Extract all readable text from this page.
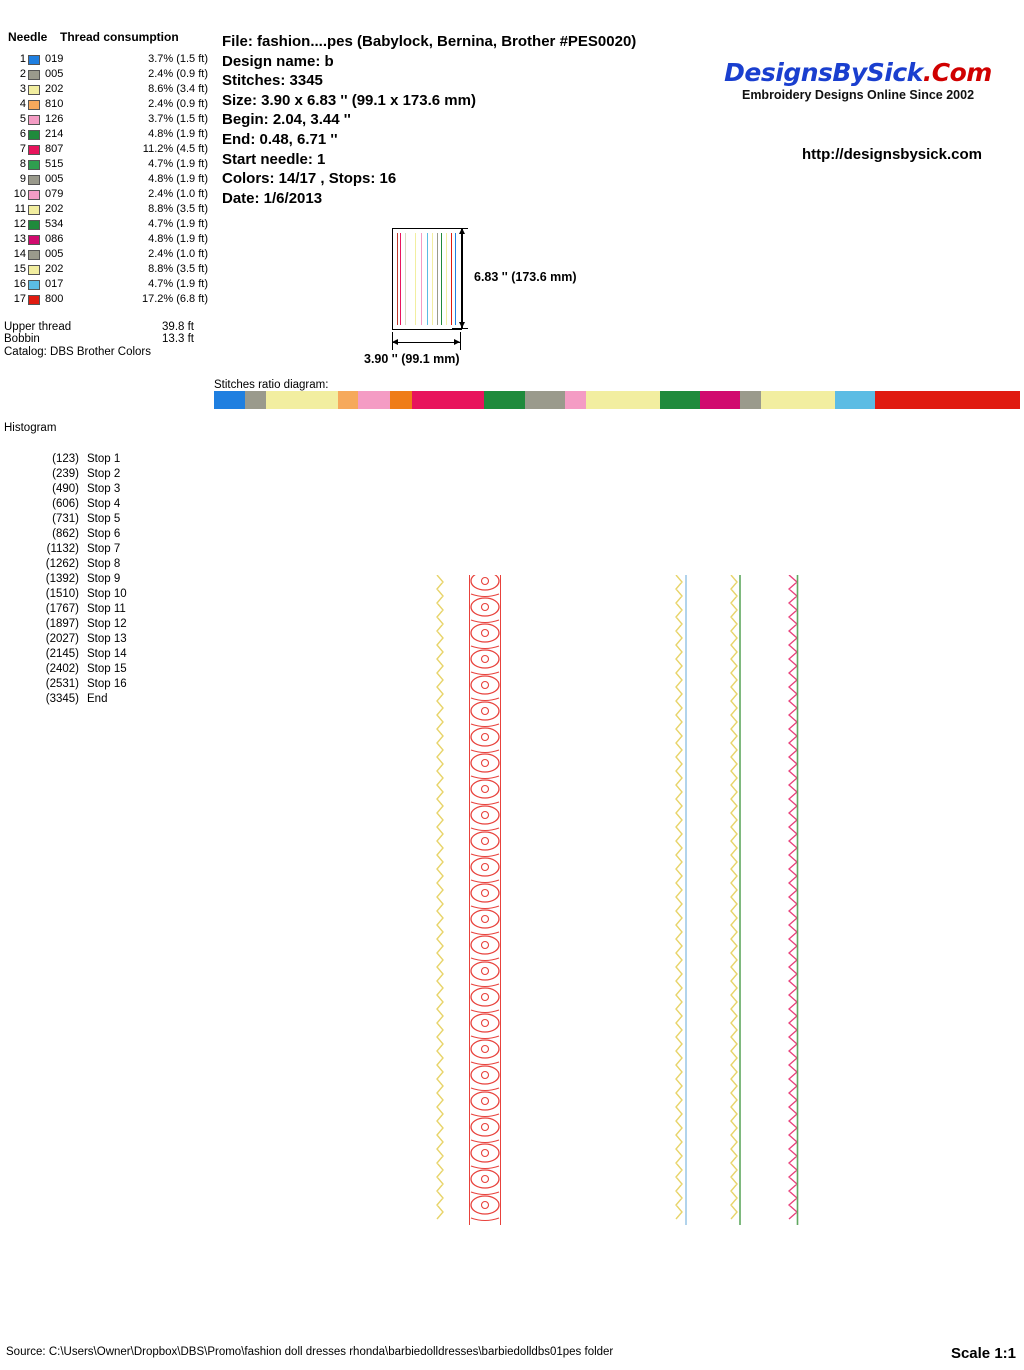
Needle	Thread consumption
1 019	3.7% (1.5 ft)
2 005	2.4% (0.9 ft)
3 202	8.6% (3.4 ft)
4 810	2.4% (0.9 ft)
5 126	3.7% (1.5 ft)
6 214	4.8% (1.9 ft)
7 807	11.2% (4.5 ft)
8 515	4.7% (1.9 ft)
9 005	4.8% (1.9 ft)
10 079	2.4% (1.0 ft)
11 202	8.8% (3.5 ft)
12 534	4.7% (1.9 ft)
13 086	4.8% (1.9 ft)
14 005	2.4% (1.0 ft)
15 202	8.8% (3.5 ft)
16 017	4.7% (1.9 ft)
17 800	17.2% (6.8 ft)
Upper thread	39.8 ft
Bobbin	13.3 ft
Catalog: DBS Brother Colors
Histogram
(123) Stop 1
(239) Stop 2
(490) Stop 3
(606) Stop 4
(731) Stop 5
(862) Stop 6
(1132) Stop 7
(1262) Stop 8
(1392) Stop 9
(1510) Stop 10
(1767) Stop 11
(1897) Stop 12
(2027) Stop 13
(2145) Stop 14
(2402) Stop 15
(2531) Stop 16
(3345) End
File: fashion....pes (Babylock, Bernina, Brother #PES0020)
Design name: b
Stitches: 3345
Size: 3.90 x 6.83 '' (99.1 x 173.6 mm)
Begin: 2.04, 3.44 ''
End: 0.48, 6.71 ''
Start needle: 1
Colors: 14/17 , Stops: 16
Date: 1/6/2013
DesignsBySick.Com
Embroidery Designs Online Since 2002
http://designsbysick.com
6.83 '' (173.6 mm)
3.90 '' (99.1 mm)
Stitches ratio diagram:
Source: C:\Users\Owner\Dropbox\DBS\Promo\fashion doll dresses rhonda\barbiedolldresses\barbiedolldbs01pes folder	Scale 1:1
